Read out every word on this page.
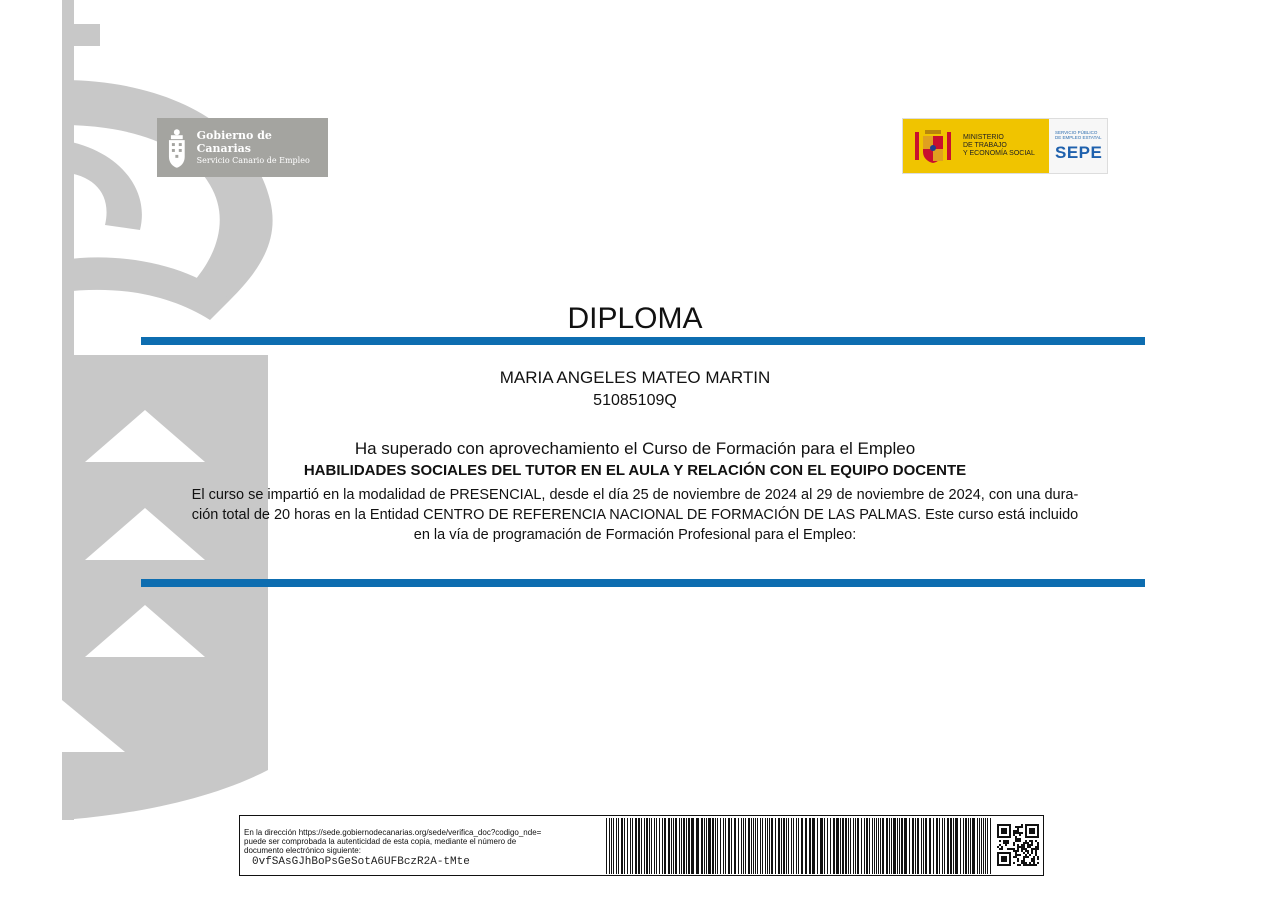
Gobierno de Canarias
Servicio Canario de Empleo
MINISTERIO
DE TRABAJO
Y ECONOMÍA SOCIAL
SERVICIO PÚBLICO DE EMPLEO ESTATAL
SEPE
DIPLOMA
MARIA ANGELES MATEO MARTIN
51085109Q
Ha superado con aprovechamiento el Curso de Formación para el Empleo
HABILIDADES SOCIALES DEL TUTOR EN EL AULA Y RELACIÓN CON EL EQUIPO DOCENTE
El curso se impartió en la modalidad de PRESENCIAL, desde el día 25 de noviembre de 2024 al 29 de noviembre de 2024, con una dura-
ción total de 20 horas en la Entidad CENTRO DE REFERENCIA NACIONAL DE FORMACIÓN DE LAS PALMAS. Este curso está incluido
en la vía de programación de Formación Profesional para el Empleo:
En la dirección https://sede.gobiernodecanarias.org/sede/verifica_doc?codigo_nde=
puede ser comprobada la autenticidad de esta copia, mediante el número de
documento electrónico siguiente:
0vfSAsGJhBoPsGeSotA6UFBczR2A-tMte
